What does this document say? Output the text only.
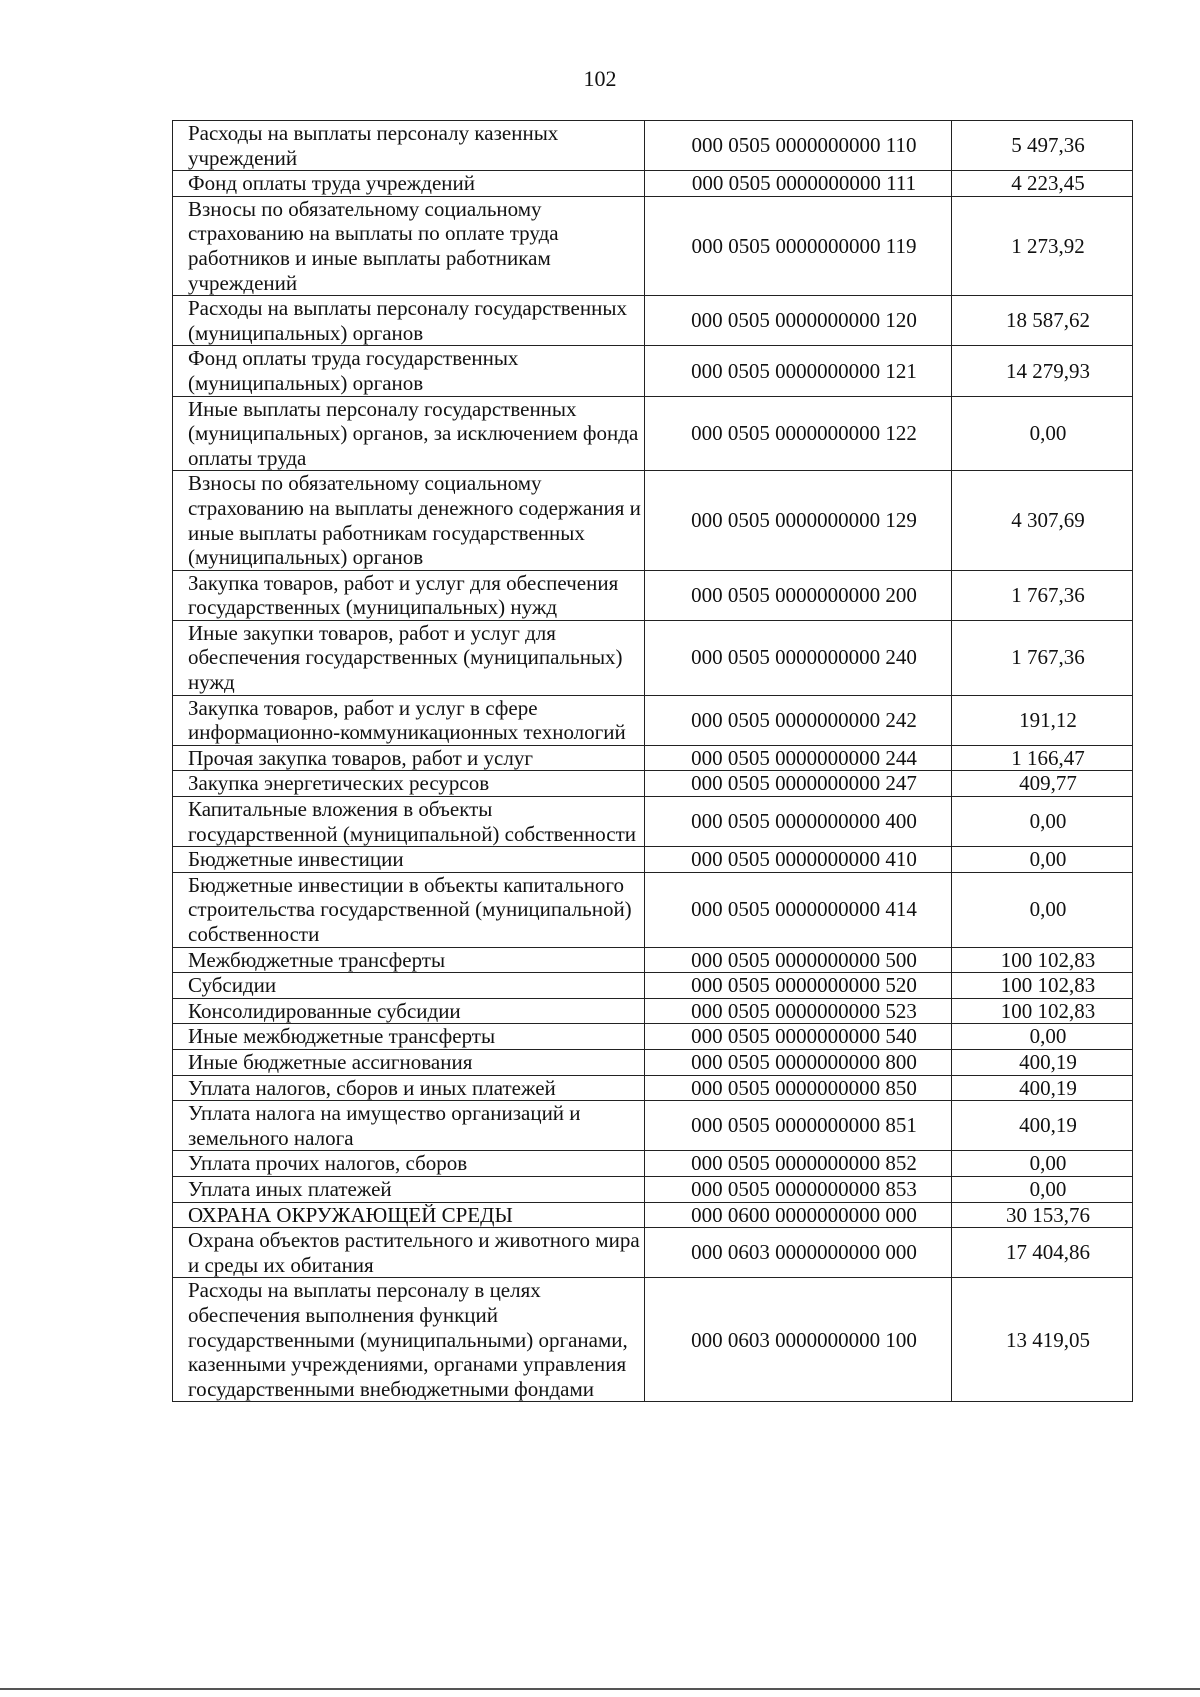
102
Расходы на выплаты персоналу казенных учреждений	000 0505 0000000000 110	5 497,36
Фонд оплаты труда учреждений	000 0505 0000000000 111	4 223,45
Взносы по обязательному социальному страхованию на выплаты по оплате труда работников и иные выплаты работникам учреждений	000 0505 0000000000 119	1 273,92
Расходы на выплаты персоналу государственных (муниципальных) органов	000 0505 0000000000 120	18 587,62
Фонд оплаты труда государственных (муниципальных) органов	000 0505 0000000000 121	14 279,93
Иные выплаты персоналу государственных (муниципальных) органов, за исключением фонда оплаты труда	000 0505 0000000000 122	0,00
Взносы по обязательному социальному страхованию на выплаты денежного содержания и иные выплаты работникам государственных (муниципальных) органов	000 0505 0000000000 129	4 307,69
Закупка товаров, работ и услуг для обеспечения государственных (муниципальных) нужд	000 0505 0000000000 200	1 767,36
Иные закупки товаров, работ и услуг для обеспечения государственных (муниципальных) нужд	000 0505 0000000000 240	1 767,36
Закупка товаров, работ и услуг в сфере информационно-коммуникационных технологий	000 0505 0000000000 242	191,12
Прочая закупка товаров, работ и услуг	000 0505 0000000000 244	1 166,47
Закупка энергетических ресурсов	000 0505 0000000000 247	409,77
Капитальные вложения в объекты государственной (муниципальной) собственности	000 0505 0000000000 400	0,00
Бюджетные инвестиции	000 0505 0000000000 410	0,00
Бюджетные инвестиции в объекты капитального строительства государственной (муниципальной) собственности	000 0505 0000000000 414	0,00
Межбюджетные трансферты	000 0505 0000000000 500	100 102,83
Субсидии	000 0505 0000000000 520	100 102,83
Консолидированные субсидии	000 0505 0000000000 523	100 102,83
Иные межбюджетные трансферты	000 0505 0000000000 540	0,00
Иные бюджетные ассигнования	000 0505 0000000000 800	400,19
Уплата налогов, сборов и иных платежей	000 0505 0000000000 850	400,19
Уплата налога на имущество организаций и земельного налога	000 0505 0000000000 851	400,19
Уплата прочих налогов, сборов	000 0505 0000000000 852	0,00
Уплата иных платежей	000 0505 0000000000 853	0,00
ОХРАНА ОКРУЖАЮЩЕЙ СРЕДЫ	000 0600 0000000000 000	30 153,76
Охрана объектов растительного и животного мира и среды их обитания	000 0603 0000000000 000	17 404,86
Расходы на выплаты персоналу в целях обеспечения выполнения функций государственными (муниципальными) органами, казенными учреждениями, органами управления государственными внебюджетными фондами	000 0603 0000000000 100	13 419,05
